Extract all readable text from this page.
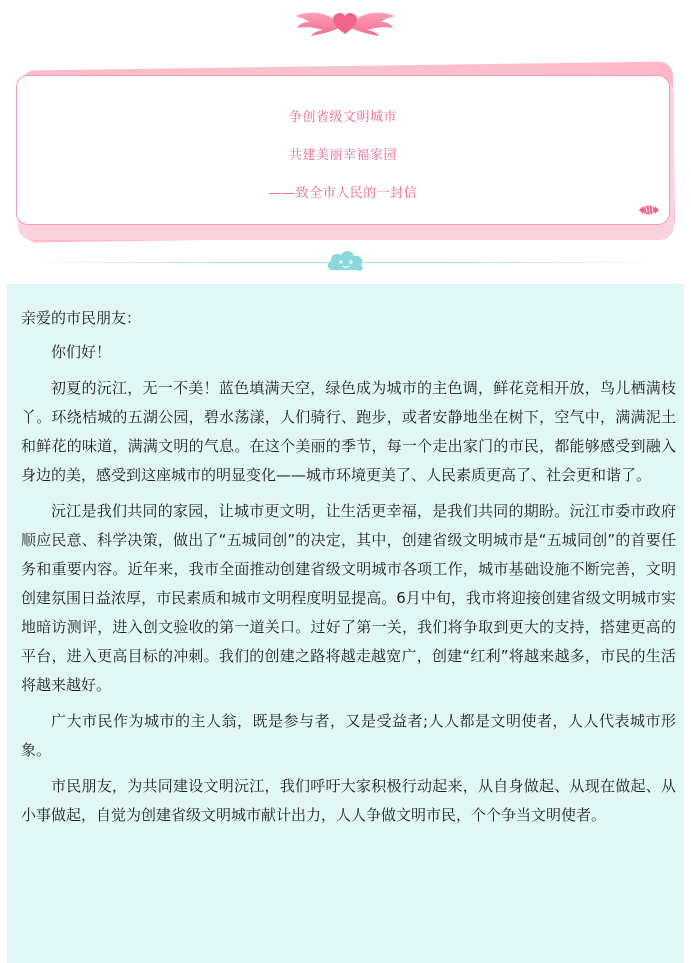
争创省级文明城市
共建美丽幸福家园
——致全市人民的一封信

亲爱的市民朋友：

你们好！

初夏的沅江，无一不美！蓝色填满天空，绿色成为城市的主色调，鲜花竞相开放，鸟儿栖满枝丫。环绕桔城的五湖公园，碧水荡漾，人们骑行、跑步，或者安静地坐在树下，空气中，满满泥土和鲜花的味道，满满文明的气息。在这个美丽的季节，每一个走出家门的市民，都能够感受到融入身边的美，感受到这座城市的明显变化——城市环境更美了、人民素质更高了、社会更和谐了。

沅江是我们共同的家园，让城市更文明，让生活更幸福，是我们共同的期盼。沅江市委市政府顺应民意、科学决策，做出了“五城同创”的决定，其中，创建省级文明城市是“五城同创”的首要任务和重要内容。近年来，我市全面推动创建省级文明城市各项工作，城市基础设施不断完善，文明创建氛围日益浓厚，市民素质和城市文明程度明显提高。6月中旬，我市将迎接创建省级文明城市实地暗访测评，进入创文验收的第一道关口。过好了第一关，我们将争取到更大的支持，搭建更高的平台，进入更高目标的冲刺。我们的创建之路将越走越宽广，创建“红利”将越来越多，市民的生活将越来越好。

广大市民作为城市的主人翁，既是参与者，又是受益者;人人都是文明使者，人人代表城市形象。

市民朋友，为共同建设文明沅江，我们呼吁大家积极行动起来，从自身做起、从现在做起、从小事做起，自觉为创建省级文明城市献计出力，人人争做文明市民，个个争当文明使者。
